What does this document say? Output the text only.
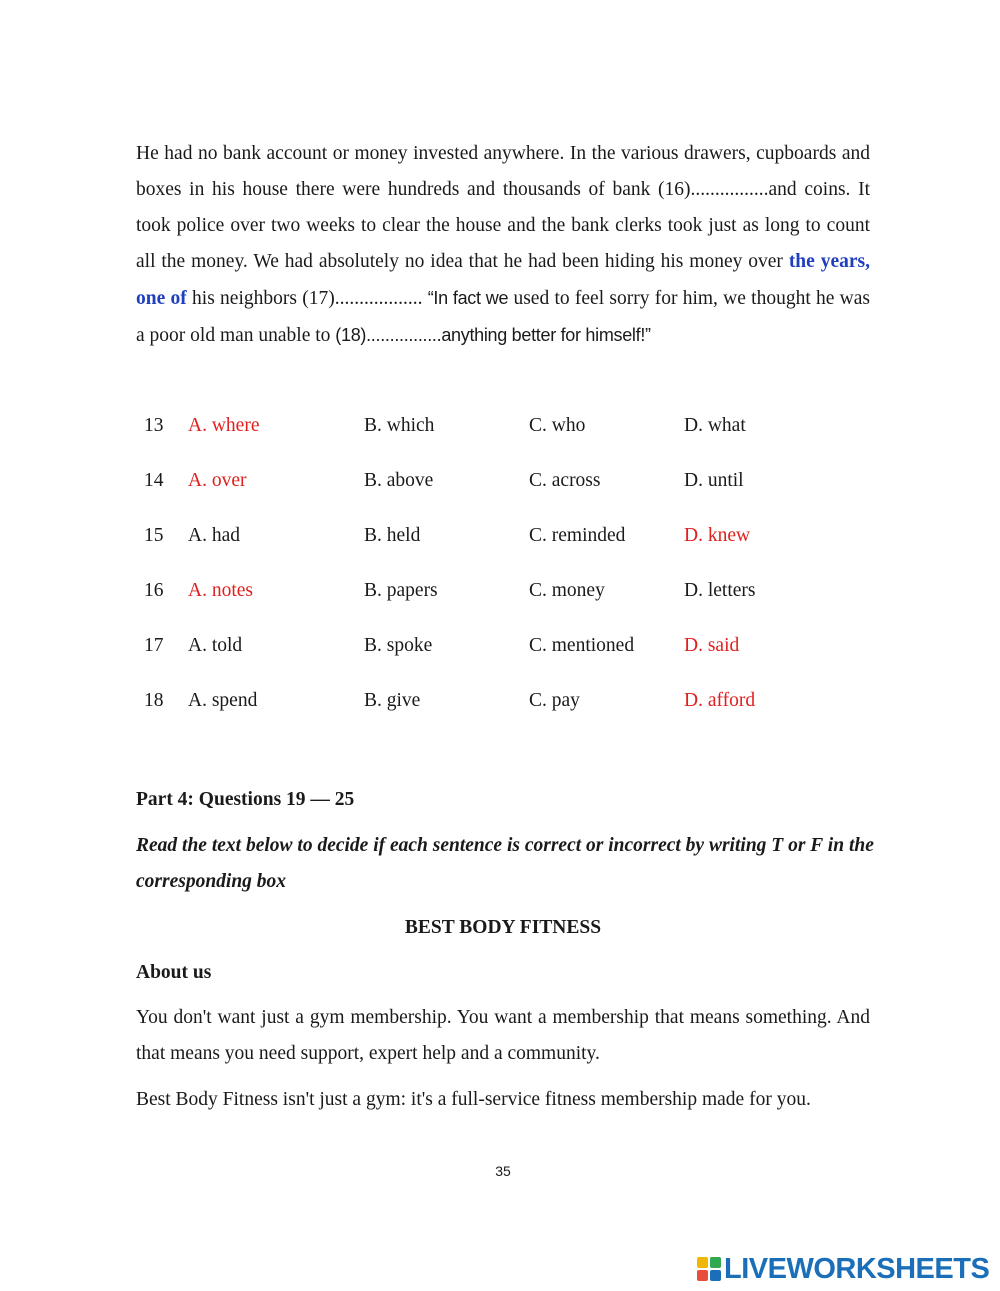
He had no bank account or money invested anywhere. In the various drawers, cupboards and boxes in his house there were hundreds and thousands of bank (16)................and coins. It took police over two weeks to clear the house and the bank clerks took just as long to count all the money. We had absolutely no idea that he had been hiding his money over the years, one of his neighbors (17).................. “In fact we used to feel sorry for him, we thought he was a poor old man unable to (18)................anything better for himself!”

13 A. where	B. which	C. who	D. what
14 A. over	B. above	C. across	D. until
15 A. had	B. held	C. reminded	D. knew
16 A. notes	B. papers	C. money	D. letters
17 A. told	B. spoke	C. mentioned	D. said
18 A. spend	B. give	C. pay	D. afford
Part 4: Questions 19 — 25
Read the text below to decide if each sentence is correct or incorrect by writing T or F in the corresponding box
BEST BODY FITNESS
About us

You don't want just a gym membership. You want a membership that means something. And that means you need support, expert help and a community.

Best Body Fitness isn't just a gym: it's a full-service fitness membership made for you.

35
LIVEWORKSHEETS
